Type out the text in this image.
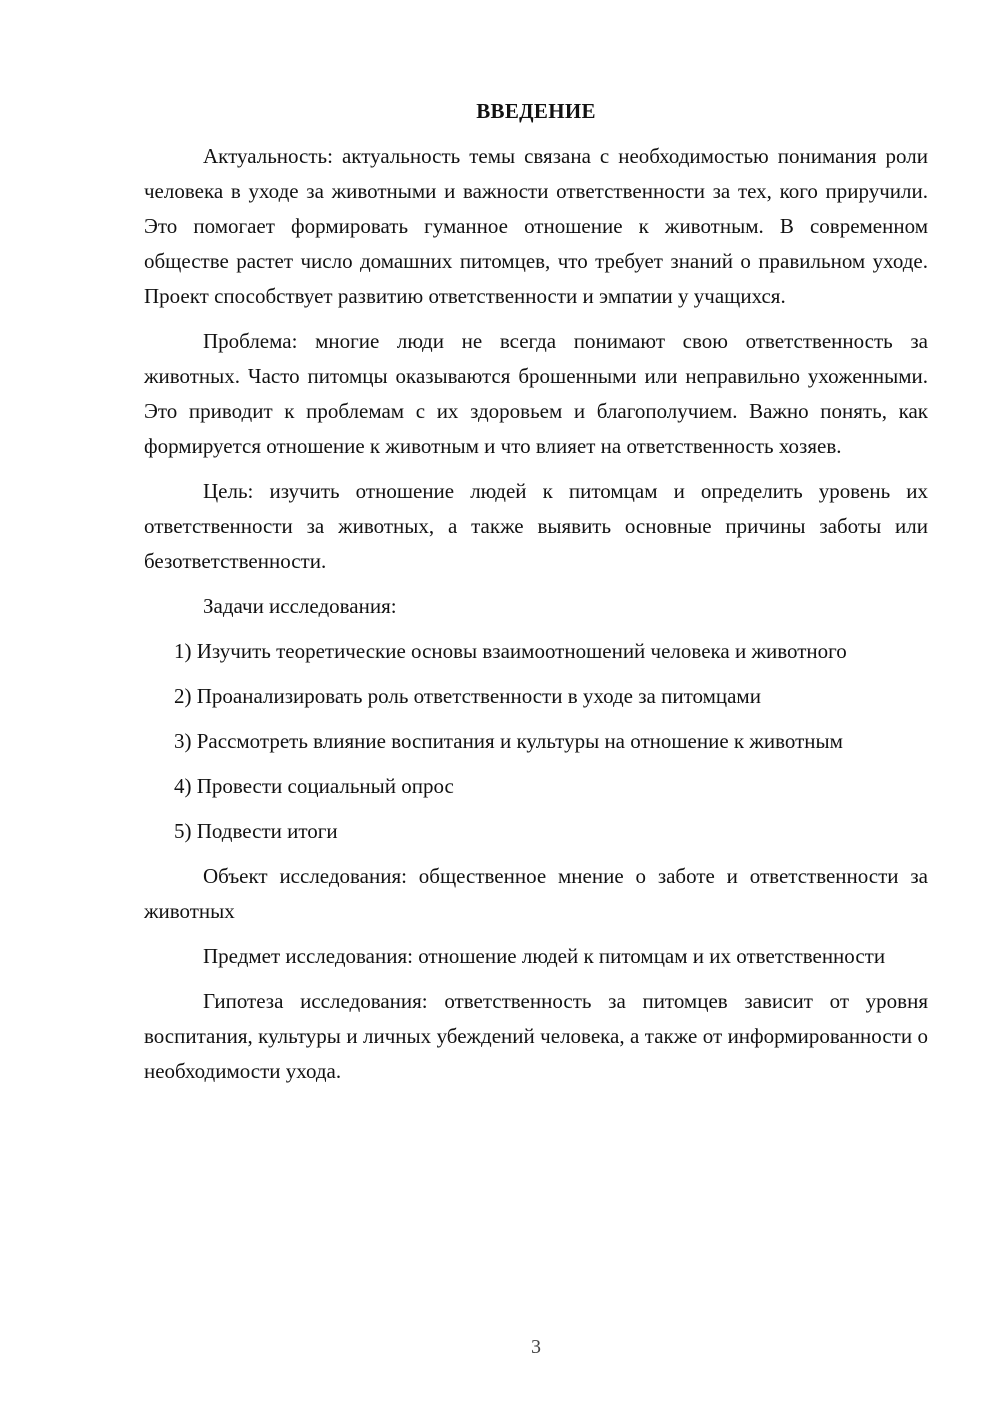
ВВЕДЕНИЕ

Актуальность: актуальность темы связана с необходимостью понимания роли человека в уходе за животными и важности ответственности за тех, кого приручили. Это помогает формировать гуманное отношение к животным. В современном обществе растет число домашних питомцев, что требует знаний о правильном уходе. Проект способствует развитию ответственности и эмпатии у учащихся.

Проблема: многие люди не всегда понимают свою ответственность за животных. Часто питомцы оказываются брошенными или неправильно ухоженными. Это приводит к проблемам с их здоровьем и благополучием. Важно понять, как формируется отношение к животным и что влияет на ответственность хозяев.

Цель: изучить отношение людей к питомцам и определить уровень их ответственности за животных, а также выявить основные причины заботы или безответственности.

Задачи исследования:

1) Изучить теоретические основы взаимоотношений человека и животного

2) Проанализировать роль ответственности в уходе за питомцами

3) Рассмотреть влияние воспитания и культуры на отношение к животным

4) Провести социальный опрос

5) Подвести итоги

Объект исследования: общественное мнение о заботе и ответственности за животных

Предмет исследования: отношение людей к питомцам и их ответственности

Гипотеза исследования: ответственность за питомцев зависит от уровня воспитания, культуры и личных убеждений человека, а также от информированности о необходимости ухода.

3
